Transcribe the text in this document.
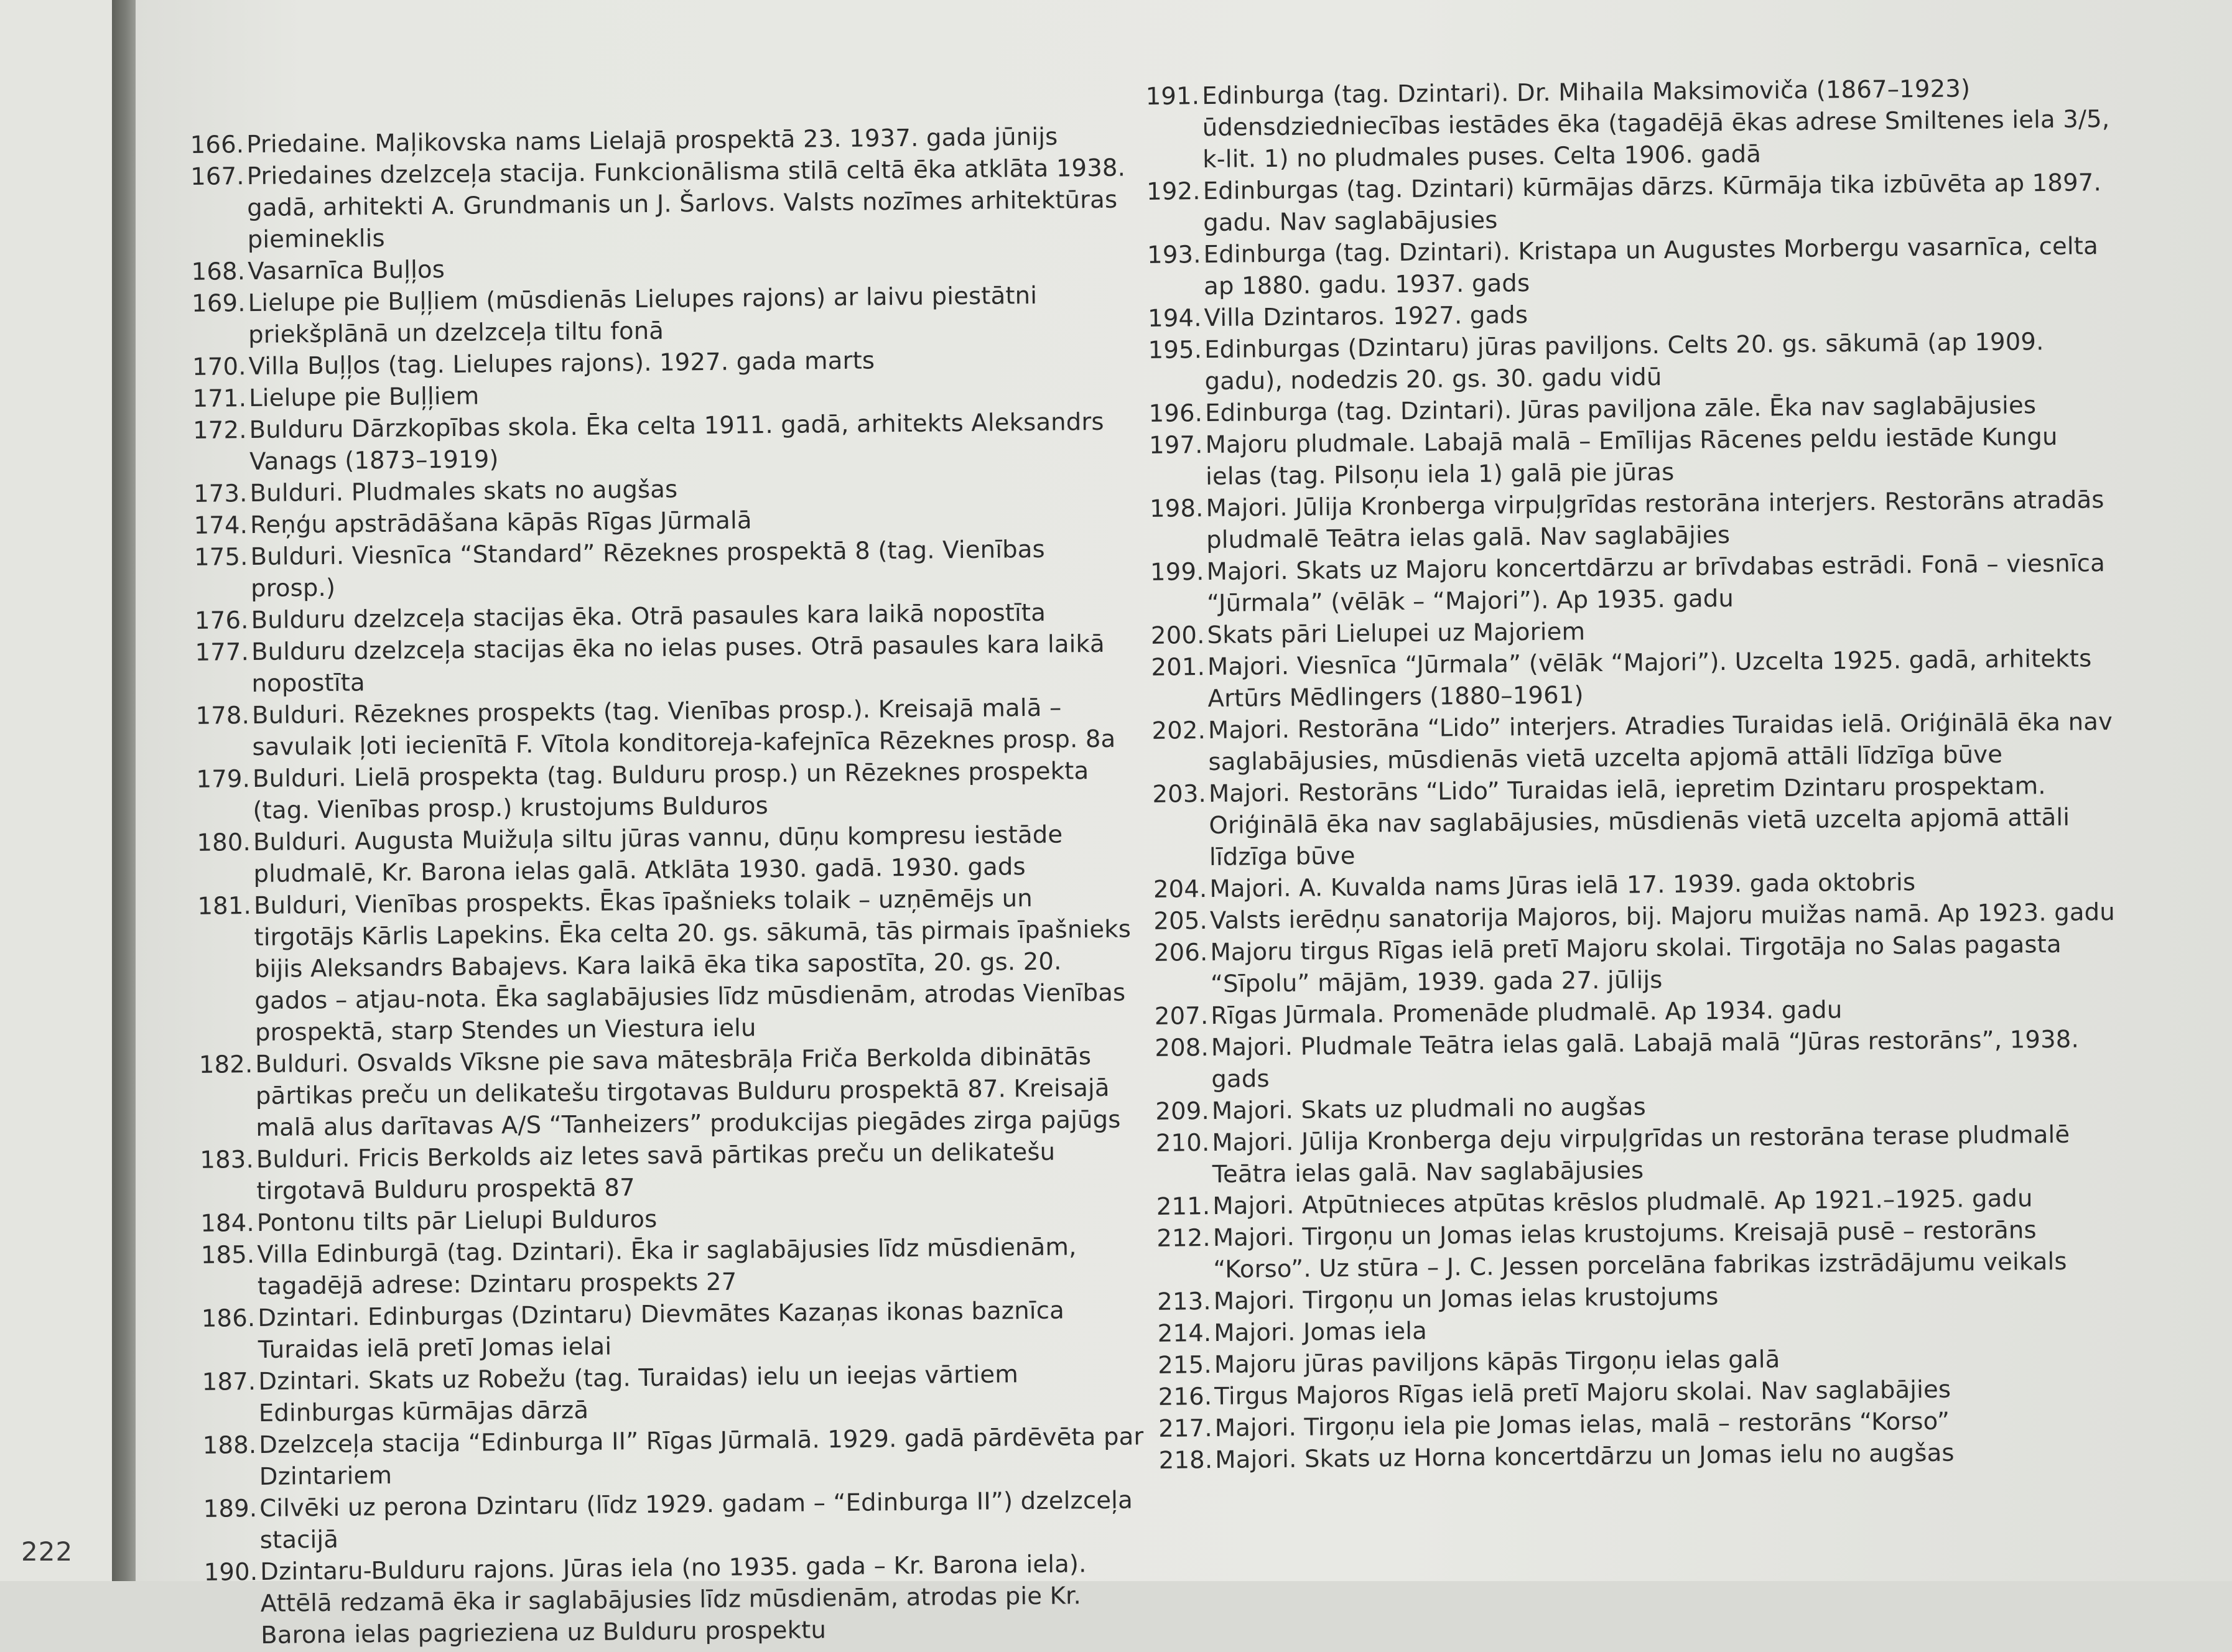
222
166. Priedaine. Maļikovska nams Lielajā prospektā 23. 1937. gada jūnijs
167. Priedaines dzelzceļa stacija. Funkcionālisma stilā celtā ēka atklāta 1938. gadā, arhitekti A. Grundmanis un J. Šarlovs. Valsts nozīmes arhitektūras piemineklis
168. Vasarnīca Buļļos
169. Lielupe pie Buļļiem (mūsdienās Lielupes rajons) ar laivu piestātni priekšplānā un dzelzceļa tiltu fonā
170. Villa Buļļos (tag. Lielupes rajons). 1927. gada marts
171. Lielupe pie Buļļiem
172. Bulduru Dārzkopības skola. Ēka celta 1911. gadā, arhitekts Aleksandrs Vanags (1873–1919)
173. Bulduri. Pludmales skats no augšas
174. Reņģu apstrādāšana kāpās Rīgas Jūrmalā
175. Bulduri. Viesnīca “Standard” Rēzeknes prospektā 8 (tag. Vienības prosp.)
176. Bulduru dzelzceļa stacijas ēka. Otrā pasaules kara laikā nopostīta
177. Bulduru dzelzceļa stacijas ēka no ielas puses. Otrā pasaules kara laikā nopostīta
178. Bulduri. Rēzeknes prospekts (tag. Vienības prosp.). Kreisajā malā – savulaik ļoti iecienītā F. Vītola konditoreja-kafejnīca Rēzeknes prosp. 8a
179. Bulduri. Lielā prospekta (tag. Bulduru prosp.) un Rēzeknes prospekta (tag. Vienības prosp.) krustojums Bulduros
180. Bulduri. Augusta Muižuļa siltu jūras vannu, dūņu kompresu iestāde pludmalē, Kr. Barona ielas galā. Atklāta 1930. gadā. 1930. gads
181. Bulduri, Vienības prospekts. Ēkas īpašnieks tolaik – uzņēmējs un tirgotājs Kārlis Lapekins. Ēka celta 20. gs. sākumā, tās pirmais īpašnieks bijis Aleksandrs Babajevs. Kara laikā ēka tika sapostīta, 20. gs. 20. gados – atjau-nota. Ēka saglabājusies līdz mūsdienām, atrodas Vienības prospektā, starp Stendes un Viestura ielu
182. Bulduri. Osvalds Vīksne pie sava mātesbrāļa Friča Berkolda dibinātās pārtikas preču un delikatešu tirgotavas Bulduru prospektā 87. Kreisajā malā alus darītavas A/S “Tanheizers” produkcijas piegādes zirga pajūgs
183. Bulduri. Fricis Berkolds aiz letes savā pārtikas preču un delikatešu tirgotavā Bulduru prospektā 87
184. Pontonu tilts pār Lielupi Bulduros
185. Villa Edinburgā (tag. Dzintari). Ēka ir saglabājusies līdz mūsdienām, tagadējā adrese: Dzintaru prospekts 27
186. Dzintari. Edinburgas (Dzintaru) Dievmātes Kazaņas ikonas baznīca Turaidas ielā pretī Jomas ielai
187. Dzintari. Skats uz Robežu (tag. Turaidas) ielu un ieejas vārtiem Edinburgas kūrmājas dārzā
188. Dzelzceļa stacija “Edinburga II” Rīgas Jūrmalā. 1929. gadā pārdēvēta par Dzintariem
189. Cilvēki uz perona Dzintaru (līdz 1929. gadam – “Edinburga II”) dzelzceļa stacijā
190. Dzintaru-Bulduru rajons. Jūras iela (no 1935. gada – Kr. Barona iela). Attēlā redzamā ēka ir saglabājusies līdz mūsdienām, atrodas pie Kr. Barona ielas pagrieziena uz Bulduru prospektu
191. Edinburga (tag. Dzintari). Dr. Mihaila Maksimoviča (1867–1923) ūdensdziedniecības iestādes ēka (tagadējā ēkas adrese Smiltenes iela 3/5, k-lit. 1) no pludmales puses. Celta 1906. gadā
192. Edinburgas (tag. Dzintari) kūrmājas dārzs. Kūrmāja tika izbūvēta ap 1897. gadu. Nav saglabājusies
193. Edinburga (tag. Dzintari). Kristapa un Augustes Morbergu vasarnīca, celta ap 1880. gadu. 1937. gads
194. Villa Dzintaros. 1927. gads
195. Edinburgas (Dzintaru) jūras paviljons. Celts 20. gs. sākumā (ap 1909. gadu), nodedzis 20. gs. 30. gadu vidū
196. Edinburga (tag. Dzintari). Jūras paviljona zāle. Ēka nav saglabājusies
197. Majoru pludmale. Labajā malā – Emīlijas Rācenes peldu iestāde Kungu ielas (tag. Pilsoņu iela 1) galā pie jūras
198. Majori. Jūlija Kronberga virpuļgrīdas restorāna interjers. Restorāns atradās pludmalē Teātra ielas galā. Nav saglabājies
199. Majori. Skats uz Majoru koncertdārzu ar brīvdabas estrādi. Fonā – viesnīca “Jūrmala” (vēlāk – “Majori”). Ap 1935. gadu
200. Skats pāri Lielupei uz Majoriem
201. Majori. Viesnīca “Jūrmala” (vēlāk “Majori”). Uzcelta 1925. gadā, arhitekts Artūrs Mēdlingers (1880–1961)
202. Majori. Restorāna “Lido” interjers. Atradies Turaidas ielā. Oriģinālā ēka nav saglabājusies, mūsdienās vietā uzcelta apjomā attāli līdzīga būve
203. Majori. Restorāns “Lido” Turaidas ielā, iepretim Dzintaru prospektam. Oriģinālā ēka nav saglabājusies, mūsdienās vietā uzcelta apjomā attāli līdzīga būve
204. Majori. A. Kuvalda nams Jūras ielā 17. 1939. gada oktobris
205. Valsts ierēdņu sanatorija Majoros, bij. Majoru muižas namā. Ap 1923. gadu
206. Majoru tirgus Rīgas ielā pretī Majoru skolai. Tirgotāja no Salas pagasta “Sīpolu” mājām, 1939. gada 27. jūlijs
207. Rīgas Jūrmala. Promenāde pludmalē. Ap 1934. gadu
208. Majori. Pludmale Teātra ielas galā. Labajā malā “Jūras restorāns”, 1938. gads
209. Majori. Skats uz pludmali no augšas
210. Majori. Jūlija Kronberga deju virpuļgrīdas un restorāna terase pludmalē Teātra ielas galā. Nav saglabājusies
211. Majori. Atpūtnieces atpūtas krēslos pludmalē. Ap 1921.–1925. gadu
212. Majori. Tirgoņu un Jomas ielas krustojums. Kreisajā pusē – restorāns “Korso”. Uz stūra – J. C. Jessen porcelāna fabrikas izstrādājumu veikals
213. Majori. Tirgoņu un Jomas ielas krustojums
214. Majori. Jomas iela
215. Majoru jūras paviljons kāpās Tirgoņu ielas galā
216. Tirgus Majoros Rīgas ielā pretī Majoru skolai. Nav saglabājies
217. Majori. Tirgoņu iela pie Jomas ielas, malā – restorāns “Korso”
218. Majori. Skats uz Horna koncertdārzu un Jomas ielu no augšas
